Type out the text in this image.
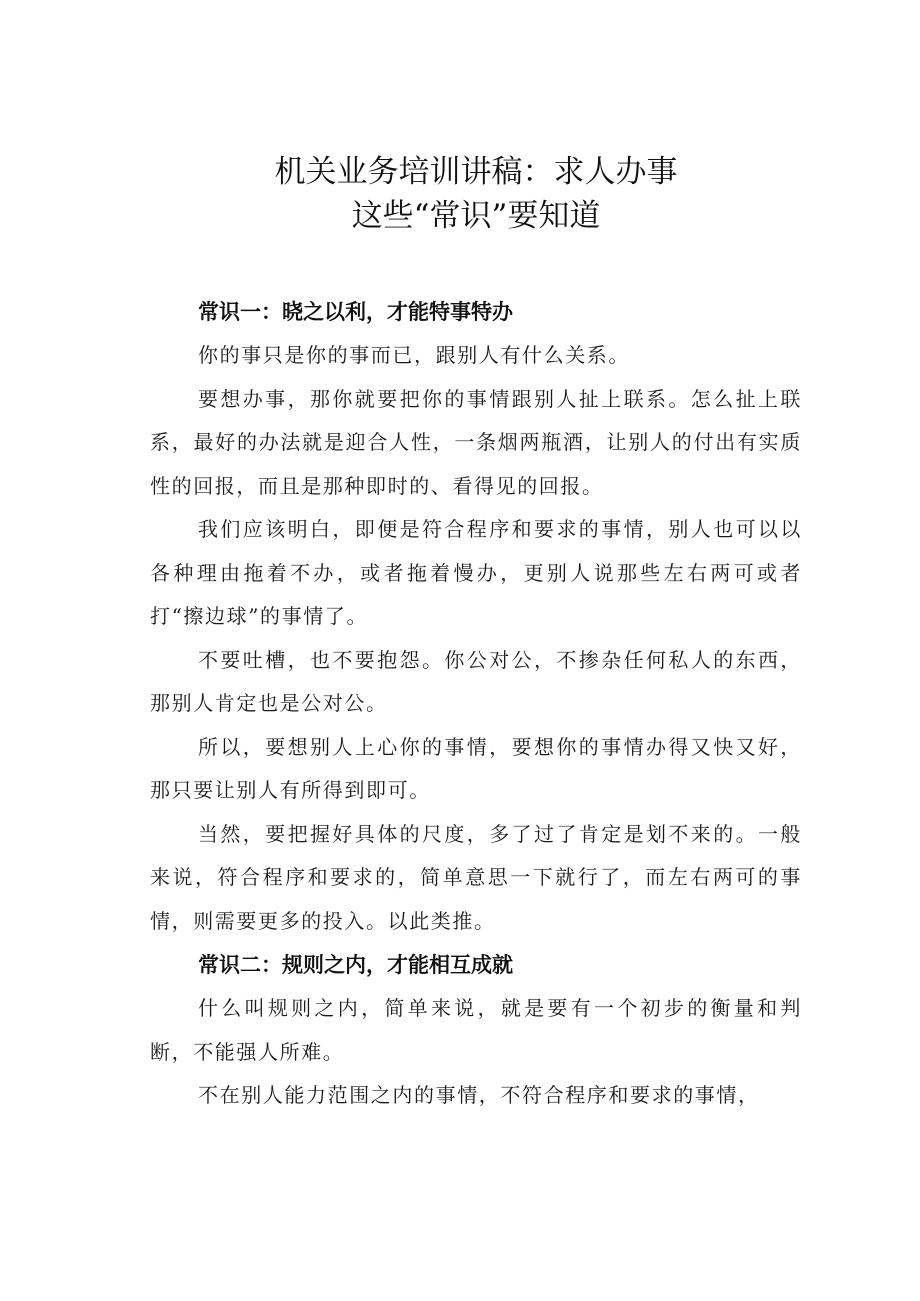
机关业务培训讲稿：求人办事
这些“常识”要知道
常识一：晓之以利，才能特事特办

你的事只是你的事而已，跟别人有什么关系。

要想办事，那你就要把你的事情跟别人扯上联系。怎么扯上联系，最好的办法就是迎合人性，一条烟两瓶酒，让别人的付出有实质性的回报，而且是那种即时的、看得见的回报。

我们应该明白，即便是符合程序和要求的事情，别人也可以以各种理由拖着不办，或者拖着慢办，更别人说那些左右两可或者打“擦边球”的事情了。

不要吐槽，也不要抱怨。你公对公，不掺杂任何私人的东西，那别人肯定也是公对公。

所以，要想别人上心你的事情，要想你的事情办得又快又好，那只要让别人有所得到即可。

当然，要把握好具体的尺度，多了过了肯定是划不来的。一般来说，符合程序和要求的，简单意思一下就行了，而左右两可的事情，则需要更多的投入。以此类推。

常识二：规则之内，才能相互成就

什么叫规则之内，简单来说，就是要有一个初步的衡量和判断，不能强人所难。

不在别人能力范围之内的事情，不符合程序和要求的事情，
